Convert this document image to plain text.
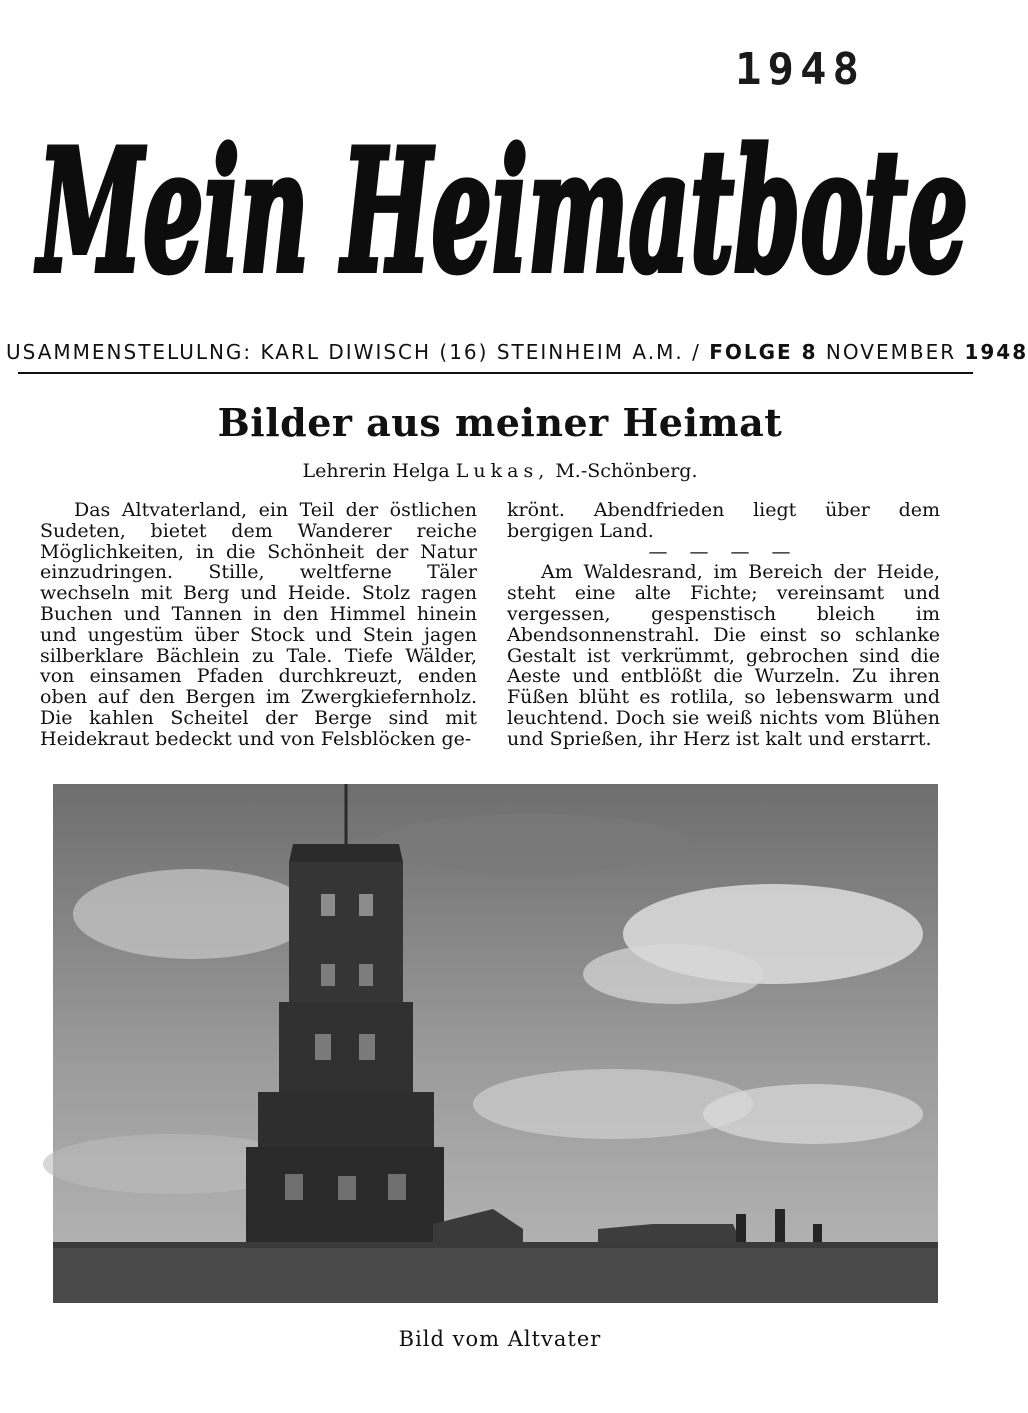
1948
Mein Heimatbote
USAMMENSTELULNG: KARL DIWISCH (16) STEINHEIM A.M. / FOLGE 8 NOVEMBER 1948
Bilder aus meiner Heimat
Lehrerin Helga Lukas, M.-Schönberg.

Das Altvaterland, ein Teil der östlichen Sudeten, bietet dem Wanderer reiche Möglichkeiten, in die Schönheit der Natur einzudringen. Stille, weltferne Täler wechseln mit Berg und Heide. Stolz ragen Buchen und Tannen in den Himmel hinein und ungestüm über Stock und Stein jagen silberklare Bächlein zu Tale. Tiefe Wälder, von einsamen Pfaden durchkreuzt, enden oben auf den Bergen im Zwergkiefernholz. Die kahlen Scheitel der Berge sind mit Heidekraut bedeckt und von Felsblöcken ge-

krönt. Abendfrieden liegt über dem bergigen Land.

— — — —

Am Waldesrand, im Bereich der Heide, steht eine alte Fichte; vereinsamt und vergessen, gespenstisch bleich im Abendsonnenstrahl. Die einst so schlanke Gestalt ist verkrümmt, gebrochen sind die Aeste und entblößt die Wurzeln. Zu ihren Füßen blüht es rotlila, so lebenswarm und leuchtend. Doch sie weiß nichts vom Blühen und Sprießen, ihr Herz ist kalt und erstarrt.

Bild vom Altvater
